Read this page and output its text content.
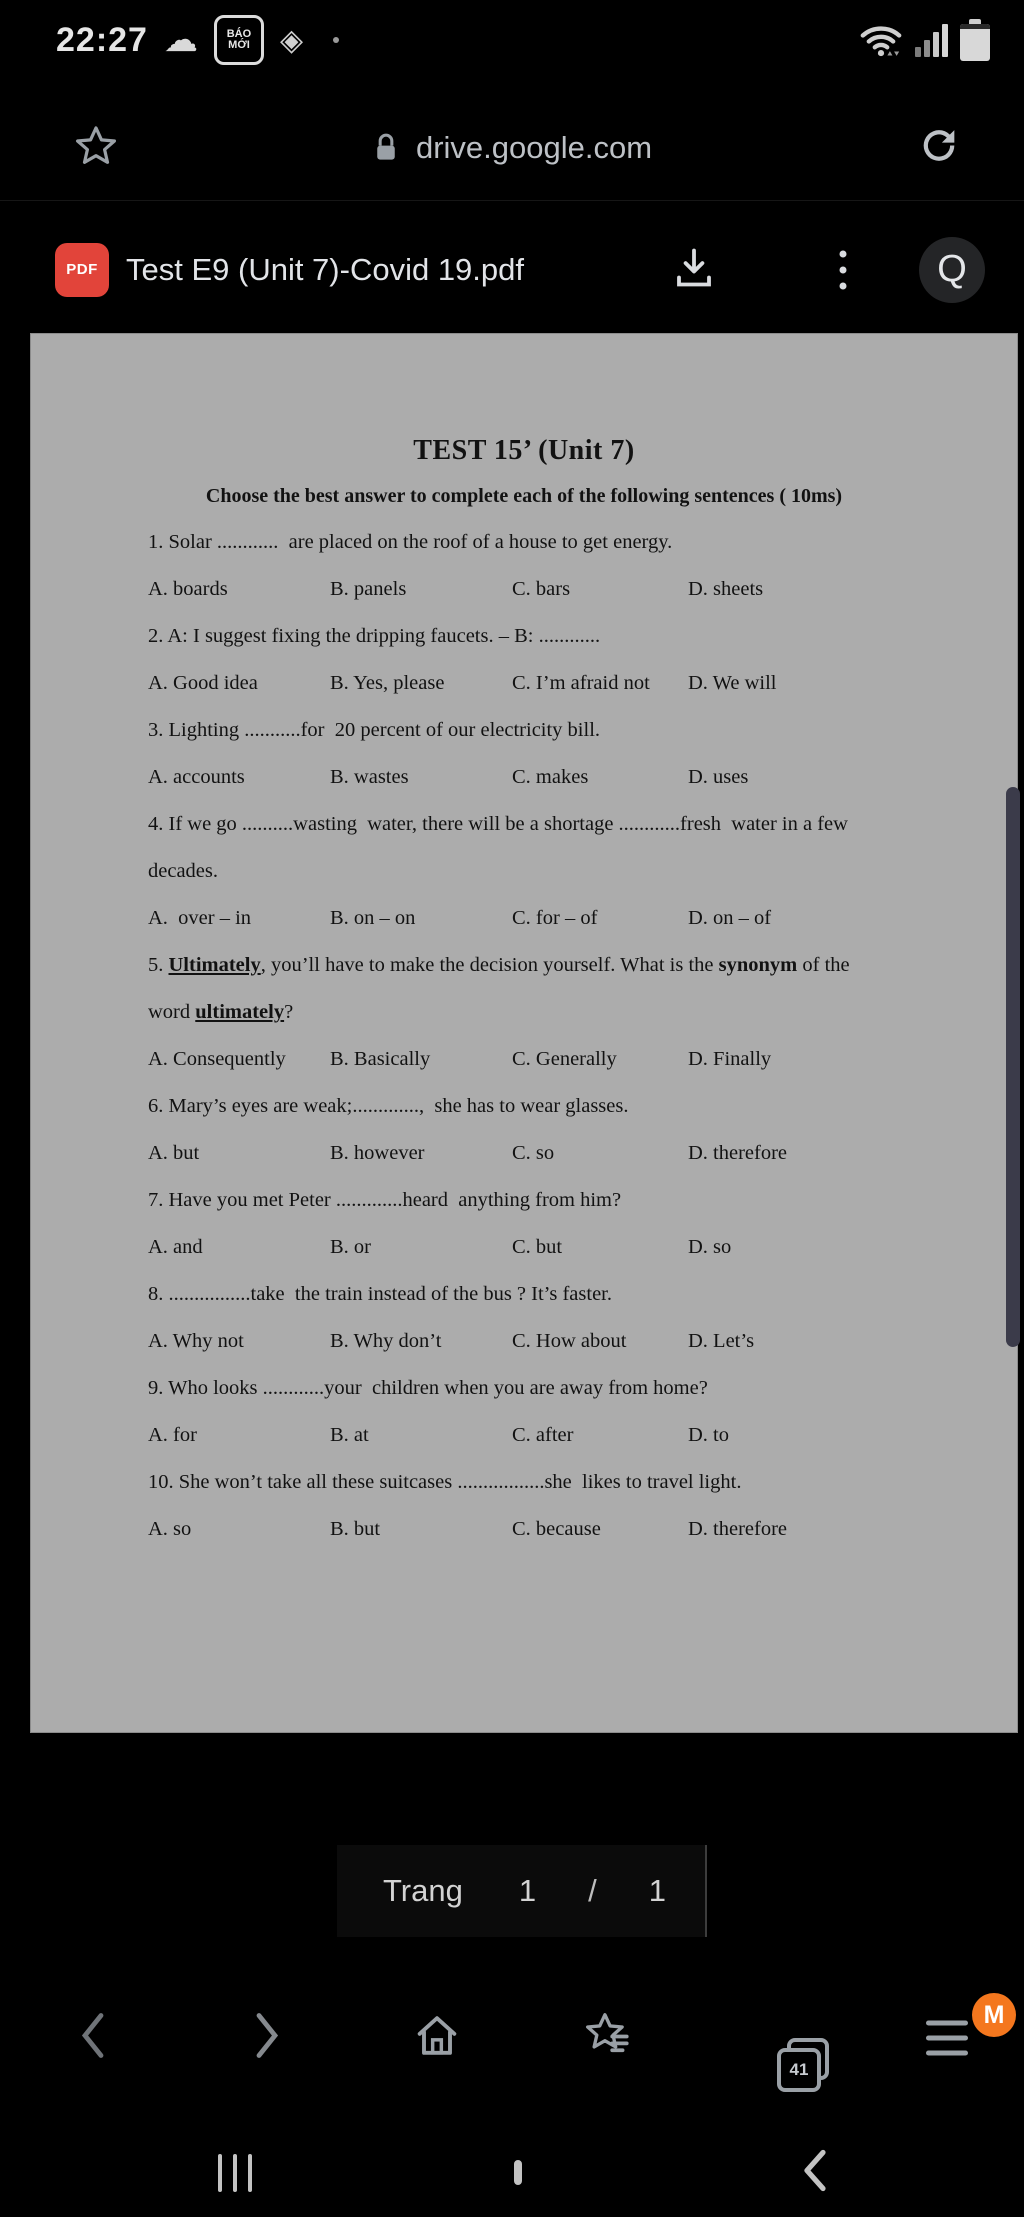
22:27 ☁	BÁO
MỚI ◈
drive.google.com
PDF Test E9 (Unit 7)-Covid 19.pdf	Q
TEST 15’ (Unit 7)
Choose the best answer to complete each of the following sentences ( 10ms)
1. Solar ............  are placed on the roof of a house to get energy.
A. boards	B. panels	C. bars	D. sheets
2. A: I suggest fixing the dripping faucets. – B: ............
A. Good idea	B. Yes, please	C. I’m afraid not D. We will
3. Lighting ...........for  20 percent of our electricity bill.
A. accounts	B. wastes	C. makes	D. uses
4. If we go ..........wasting  water, there will be a shortage ............fresh  water in a few
decades.
A.  over – in	B. on – on	C. for – of	D. on – of
5. Ultimately, you’ll have to make the decision yourself. What is the synonym of the
word ultimately?
A. Consequently B. Basically	C. Generally	D. Finally
6. Mary’s eyes are weak;.............,  she has to wear glasses.
A. but	B. however	C. so	D. therefore
7. Have you met Peter .............heard  anything from him?
A. and	B. or	C. but	D. so
8. ................take  the train instead of the bus ? It’s faster.
A. Why not	B. Why don’t	C. How about	D. Let’s
9. Who looks ............your  children when you are away from home?
A. for	B. at	C. after	D. to
10. She won’t take all these suitcases .................she  likes to travel light.
A. so	B. but	C. because	D. therefore
Trang 1 / 1
41
M
